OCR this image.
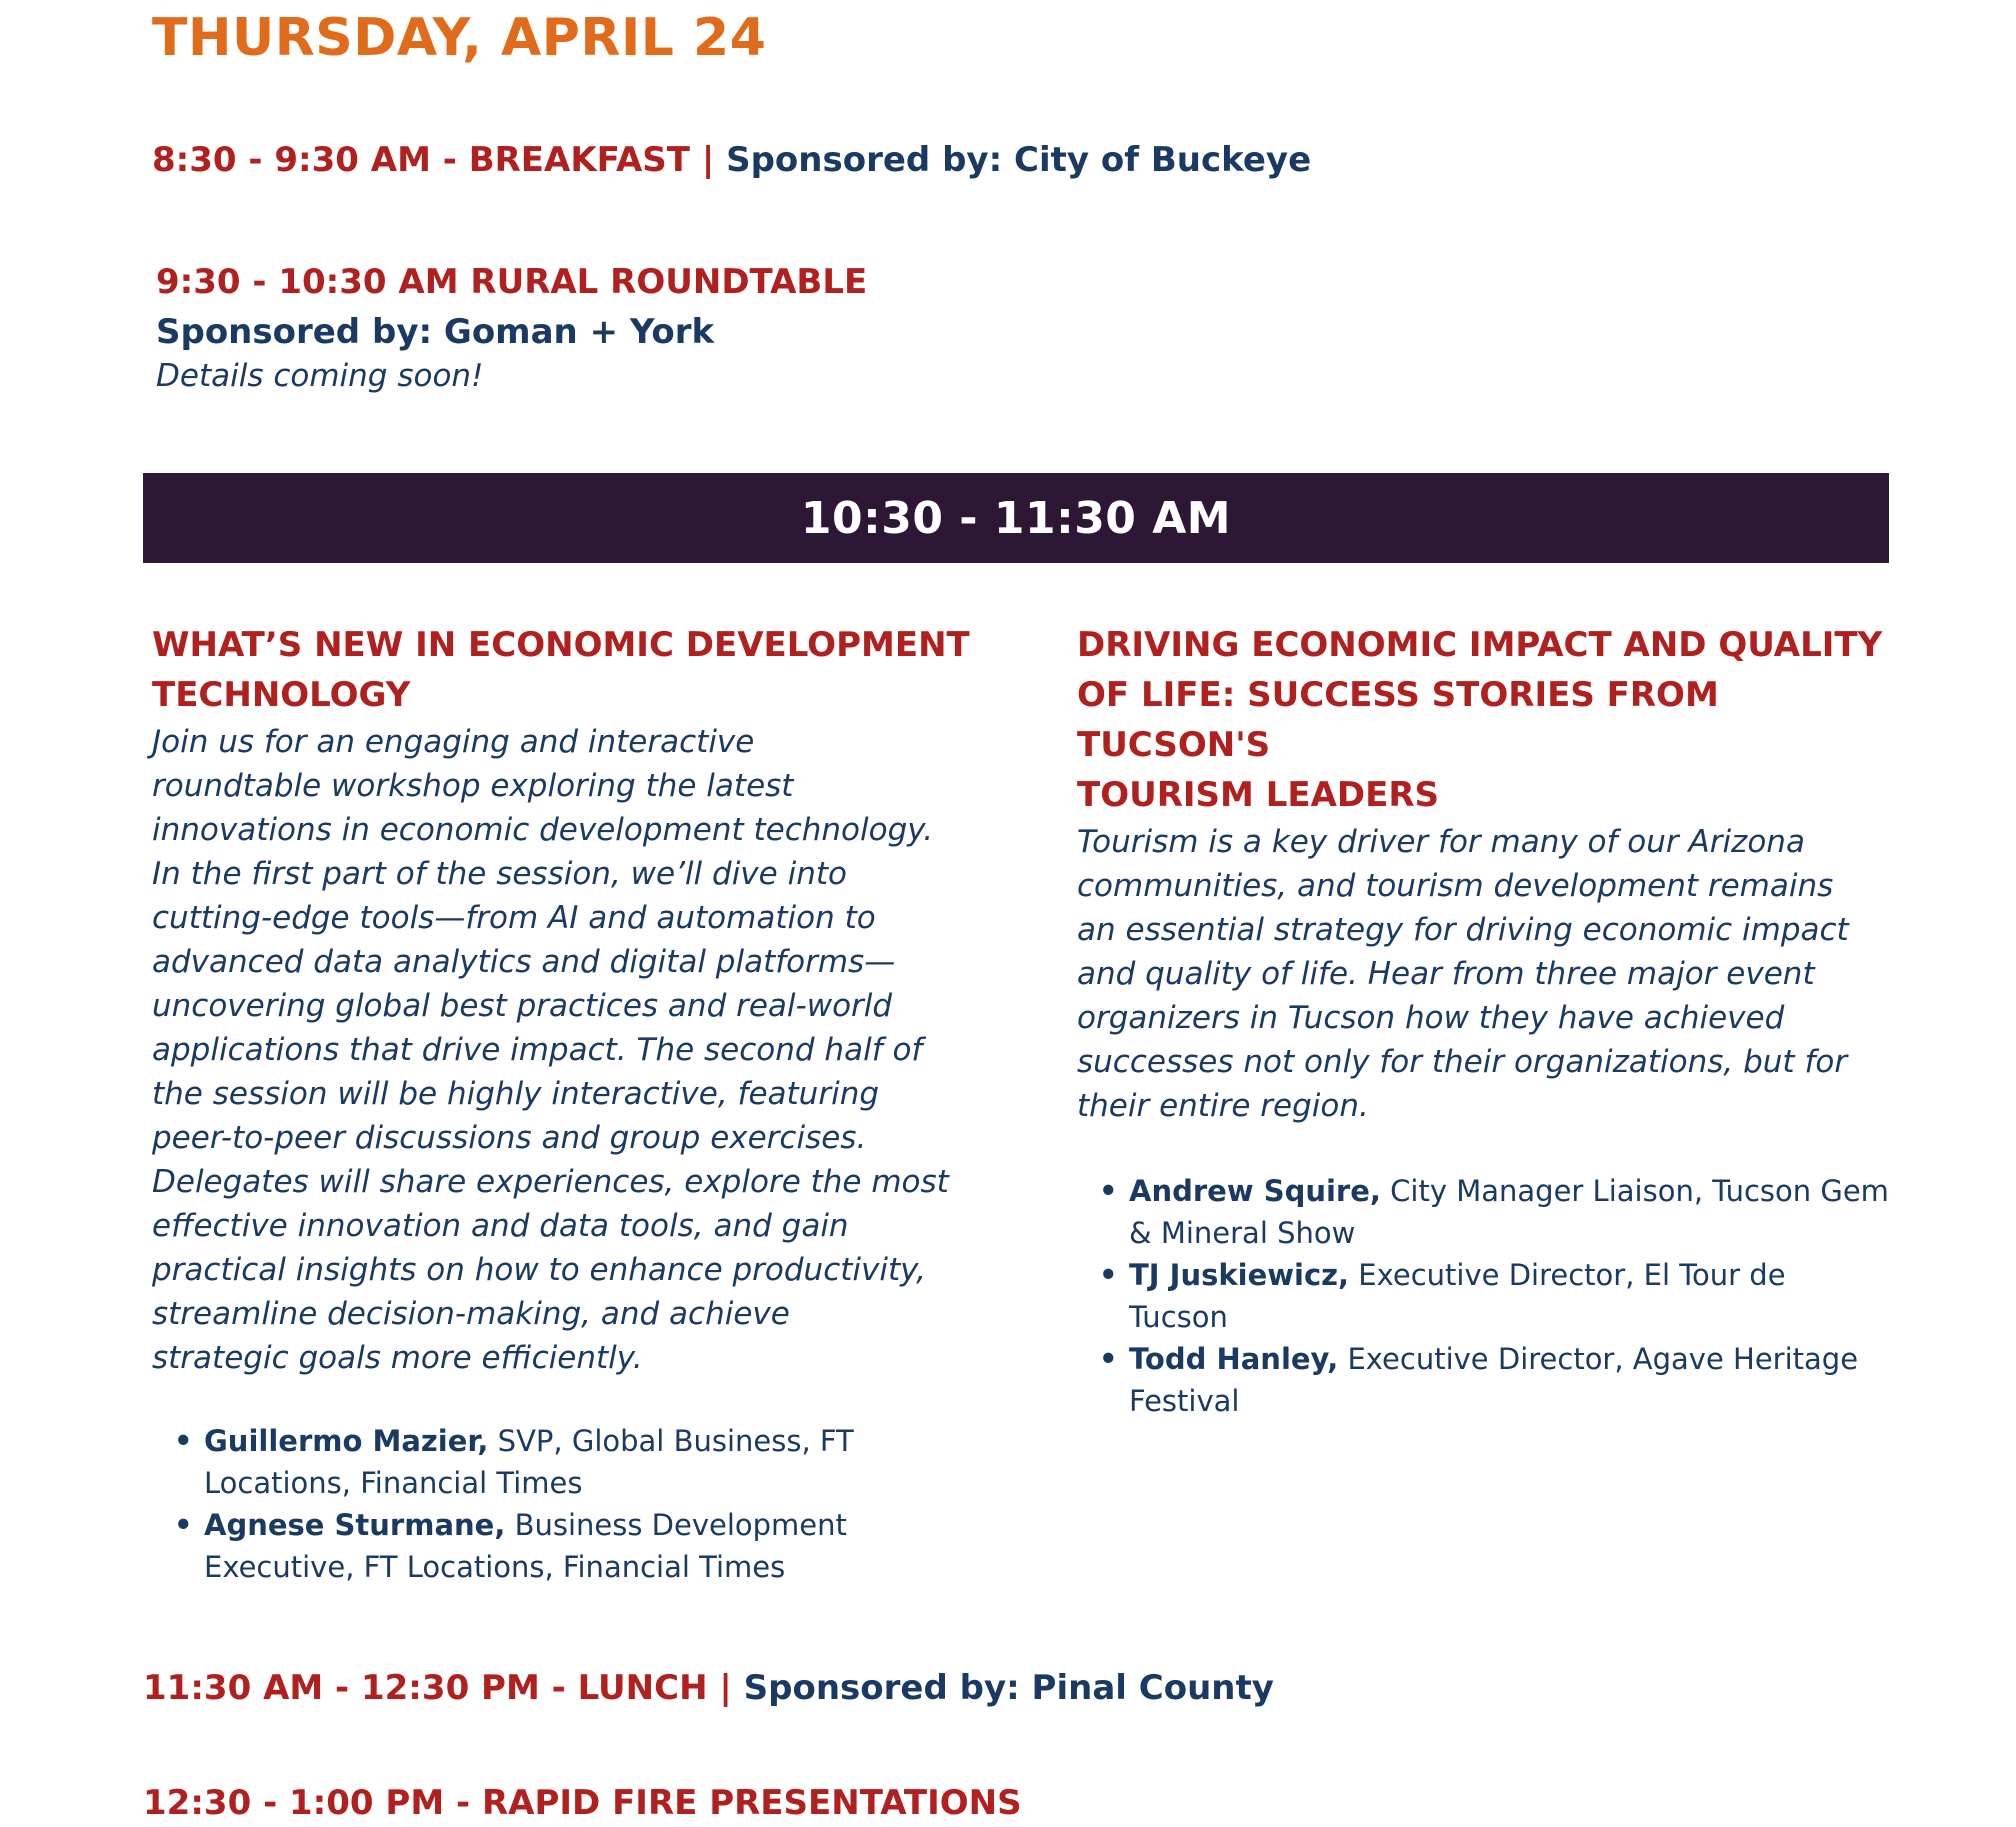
THURSDAY, APRIL 24
8:30 - 9:30 AM - BREAKFAST | Sponsored by: City of Buckeye
9:30 - 10:30 AM RURAL ROUNDTABLE
Sponsored by: Goman + York
Details coming soon!
10:30 - 11:30 AM

WHAT’S NEW IN ECONOMIC DEVELOPMENT
TECHNOLOGY

Join us for an engaging and interactive
roundtable workshop exploring the latest
innovations in economic development technology.
In the first part of the session, we’ll dive into
cutting-edge tools—from AI and automation to
advanced data analytics and digital platforms—
uncovering global best practices and real-world
applications that drive impact. The second half of
the session will be highly interactive, featuring
peer-to-peer discussions and group exercises.
Delegates will share experiences, explore the most
effective innovation and data tools, and gain
practical insights on how to enhance productivity,
streamline decision-making, and achieve
strategic goals more efficiently.

• Guillermo Mazier, SVP, Global Business, FT
Locations, Financial Times
• Agnese Sturmane, Business Development
Executive, FT Locations, Financial Times

DRIVING ECONOMIC IMPACT AND QUALITY
OF LIFE: SUCCESS STORIES FROM TUCSON'S
TOURISM LEADERS

Tourism is a key driver for many of our Arizona
communities, and tourism development remains
an essential strategy for driving economic impact
and quality of life. Hear from three major event
organizers in Tucson how they have achieved
successes not only for their organizations, but for
their entire region.

• Andrew Squire, City Manager Liaison, Tucson Gem
& Mineral Show
• TJ Juskiewicz, Executive Director, El Tour de
Tucson
• Todd Hanley, Executive Director, Agave Heritage
Festival
11:30 AM - 12:30 PM - LUNCH | Sponsored by: Pinal County
12:30 - 1:00 PM - RAPID FIRE PRESENTATIONS
